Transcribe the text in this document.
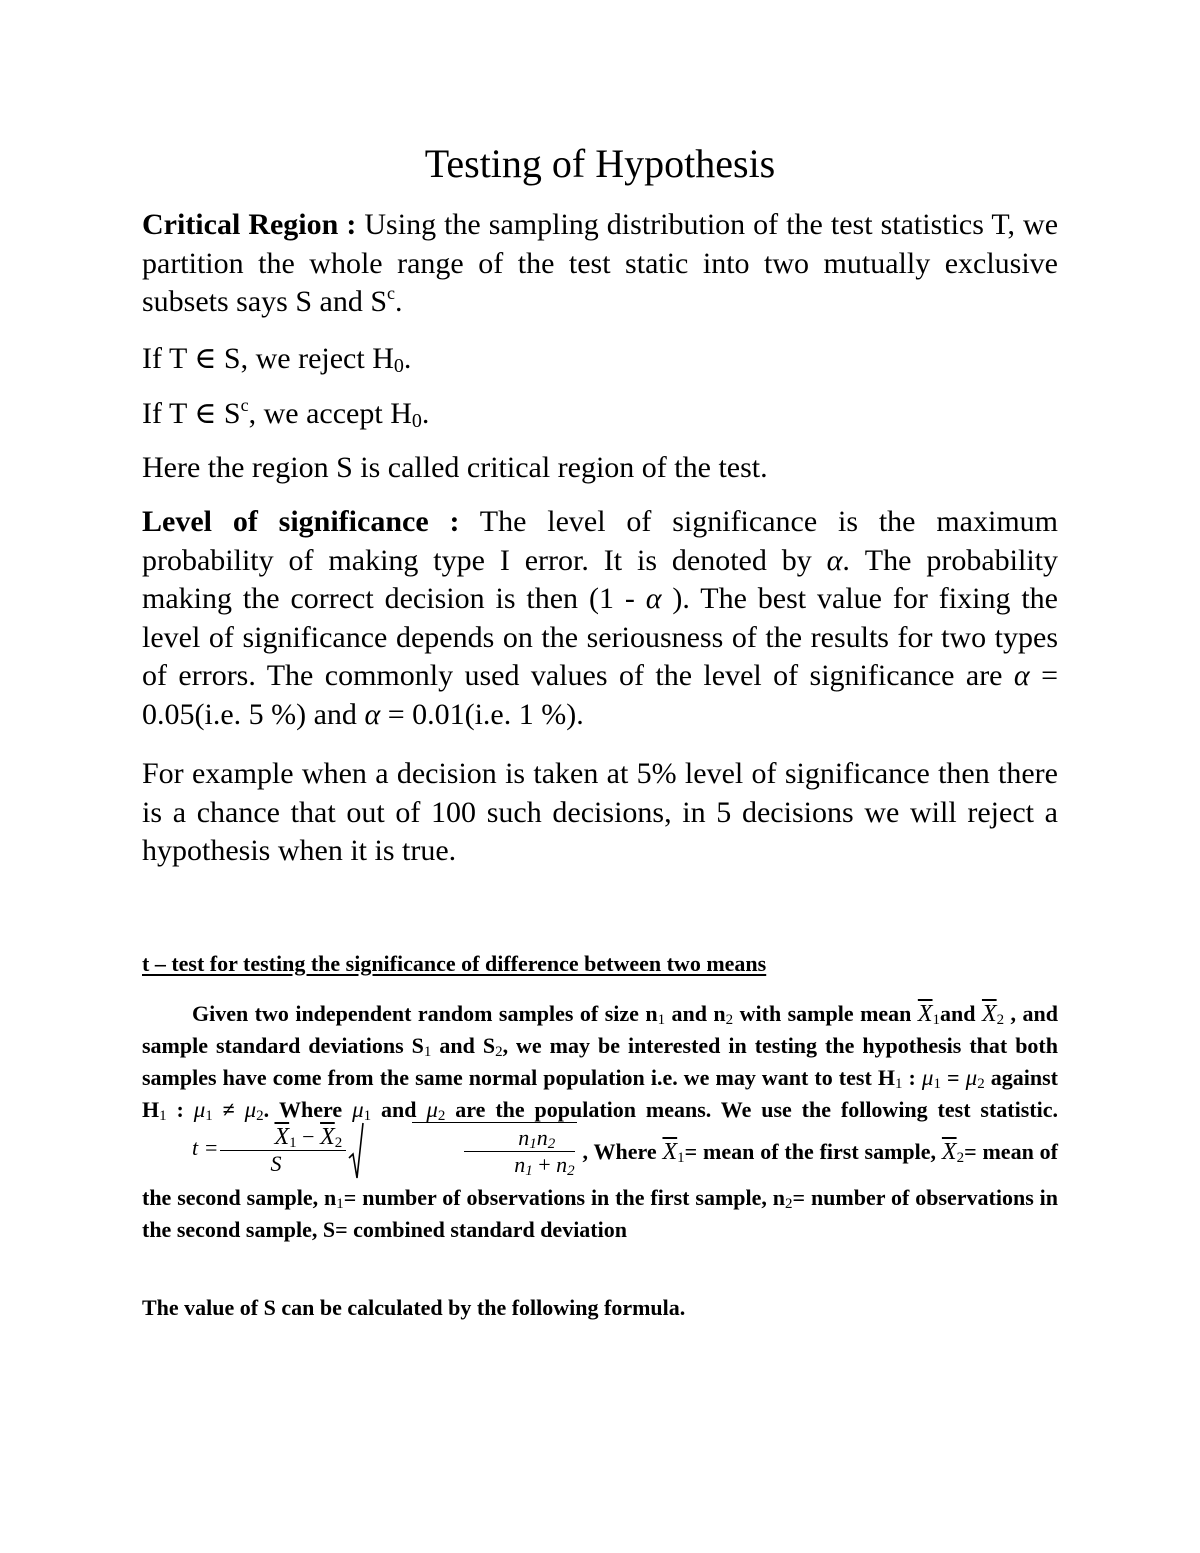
Testing of Hypothesis

Critical Region : Using the sampling distribution of the test statistics T, we partition the whole range of the test static into two mutually exclusive subsets says S and $S^c$.

If T ∈ S, we reject $H_0$.

If T ∈ $S^c$, we accept $H_0$.

Here the region S is called critical region of the test.

Level of significance : The level of significance is the maximum probability of making type I error. It is denoted by α. The probability making the correct decision is then (1 - α ). The best value for fixing the level of significance depends on the seriousness of the results for two types of errors. The commonly used values of the level of significance are α = 0.05(i.e. 5 %) and α = 0.01(i.e. 1 %).

For example when a decision is taken at 5% level of significance then there is a chance that out of 100 such decisions, in 5 decisions we will reject a hypothesis when it is true.

t – test for testing the significance of difference between two means

Given two independent random samples of size n1 and n2 with sample mean $\overline{X}1and$ $\overline{X}2$ , and sample standard deviations S1 and S2, we may be interested in testing the hypothesis that both samples have come from the same normal population i.e. we may want to test H1 : μ1 = μ2 against H1 : μ1 ≠ μ2. Where μ1 and μ2 are the population means. We use the following test statistic. $t = \frac{\overline{X}1 - \overline{X}2}{S}$	$\frac{n1n2}{n1 + n2}$ , Where $\overline{X}1=$ mean of the first sample, $\overline{X}2=$ mean of the second sample, n1= number of observations in the first sample, n2= number of observations in the second sample, S= combined standard deviation

The value of S can be calculated by the following formula.
